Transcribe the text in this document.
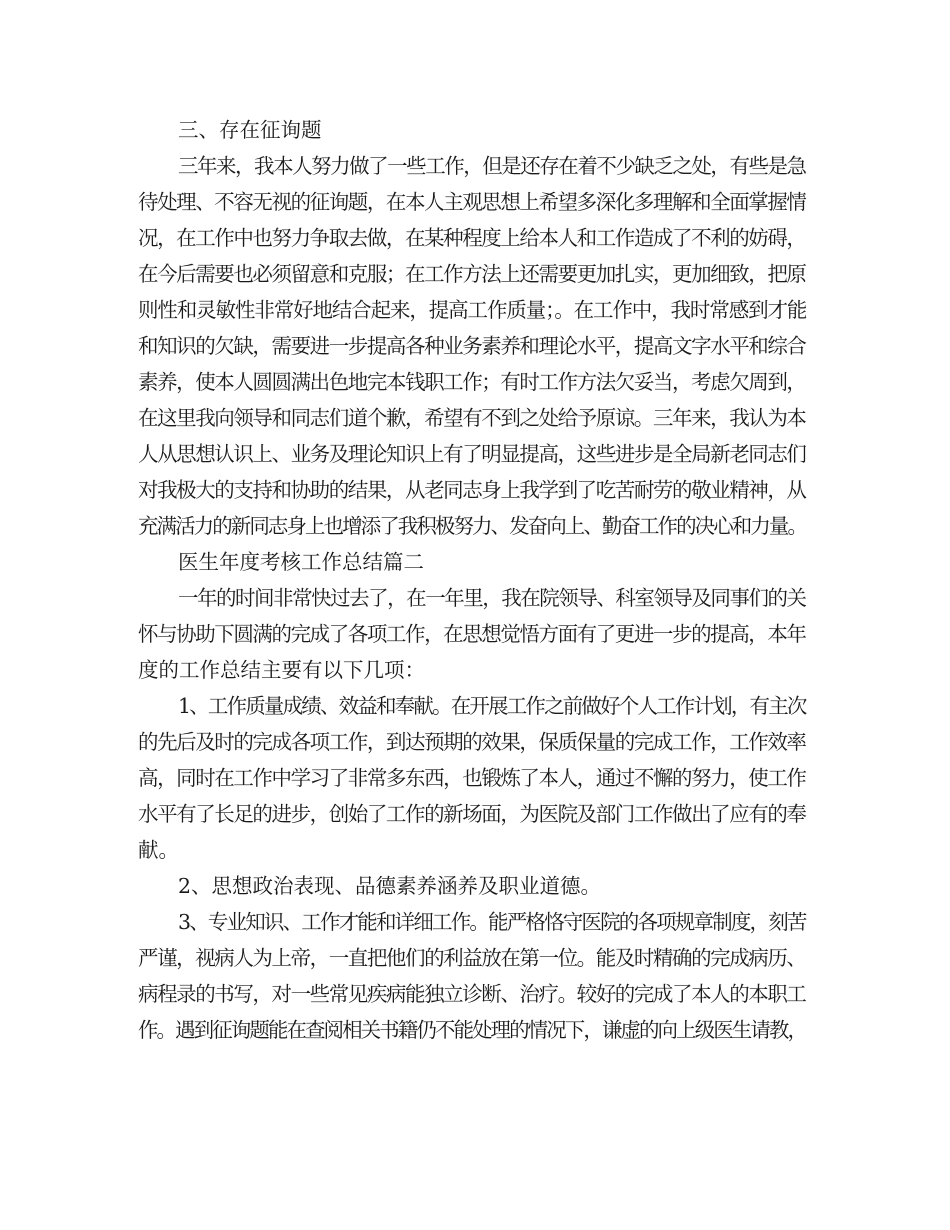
三、存在征询题
三年来，我本人努力做了一些工作，但是还存在着不少缺乏之处，有些是急
待处理、不容无视的征询题，在本人主观思想上希望多深化多理解和全面掌握情
况，在工作中也努力争取去做，在某种程度上给本人和工作造成了不利的妨碍，
在今后需要也必须留意和克服；在工作方法上还需要更加扎实，更加细致，把原
则性和灵敏性非常好地结合起来，提高工作质量；。在工作中，我时常感到才能
和知识的欠缺，需要进一步提高各种业务素养和理论水平，提高文字水平和综合
素养，使本人圆圆满出色地完本钱职工作；有时工作方法欠妥当，考虑欠周到，
在这里我向领导和同志们道个歉，希望有不到之处给予原谅。三年来，我认为本
人从思想认识上、业务及理论知识上有了明显提高，这些进步是全局新老同志们
对我极大的支持和协助的结果，从老同志身上我学到了吃苦耐劳的敬业精神，从
充满活力的新同志身上也增添了我积极努力、发奋向上、勤奋工作的决心和力量。
医生年度考核工作总结篇二
一年的时间非常快过去了，在一年里，我在院领导、科室领导及同事们的关
怀与协助下圆满的完成了各项工作，在思想觉悟方面有了更进一步的提高，本年
度的工作总结主要有以下几项：
1、工作质量成绩、效益和奉献。在开展工作之前做好个人工作计划，有主次
的先后及时的完成各项工作，到达预期的效果，保质保量的完成工作，工作效率
高，同时在工作中学习了非常多东西，也锻炼了本人，通过不懈的努力，使工作
水平有了长足的进步，创始了工作的新场面，为医院及部门工作做出了应有的奉
献。
2、思想政治表现、品德素养涵养及职业道德。
3、专业知识、工作才能和详细工作。能严格恪守医院的各项规章制度，刻苦
严谨，视病人为上帝，一直把他们的利益放在第一位。能及时精确的完成病历、
病程录的书写，对一些常见疾病能独立诊断、治疗。较好的完成了本人的本职工
作。遇到征询题能在查阅相关书籍仍不能处理的情况下，谦虚的向上级医生请教，
